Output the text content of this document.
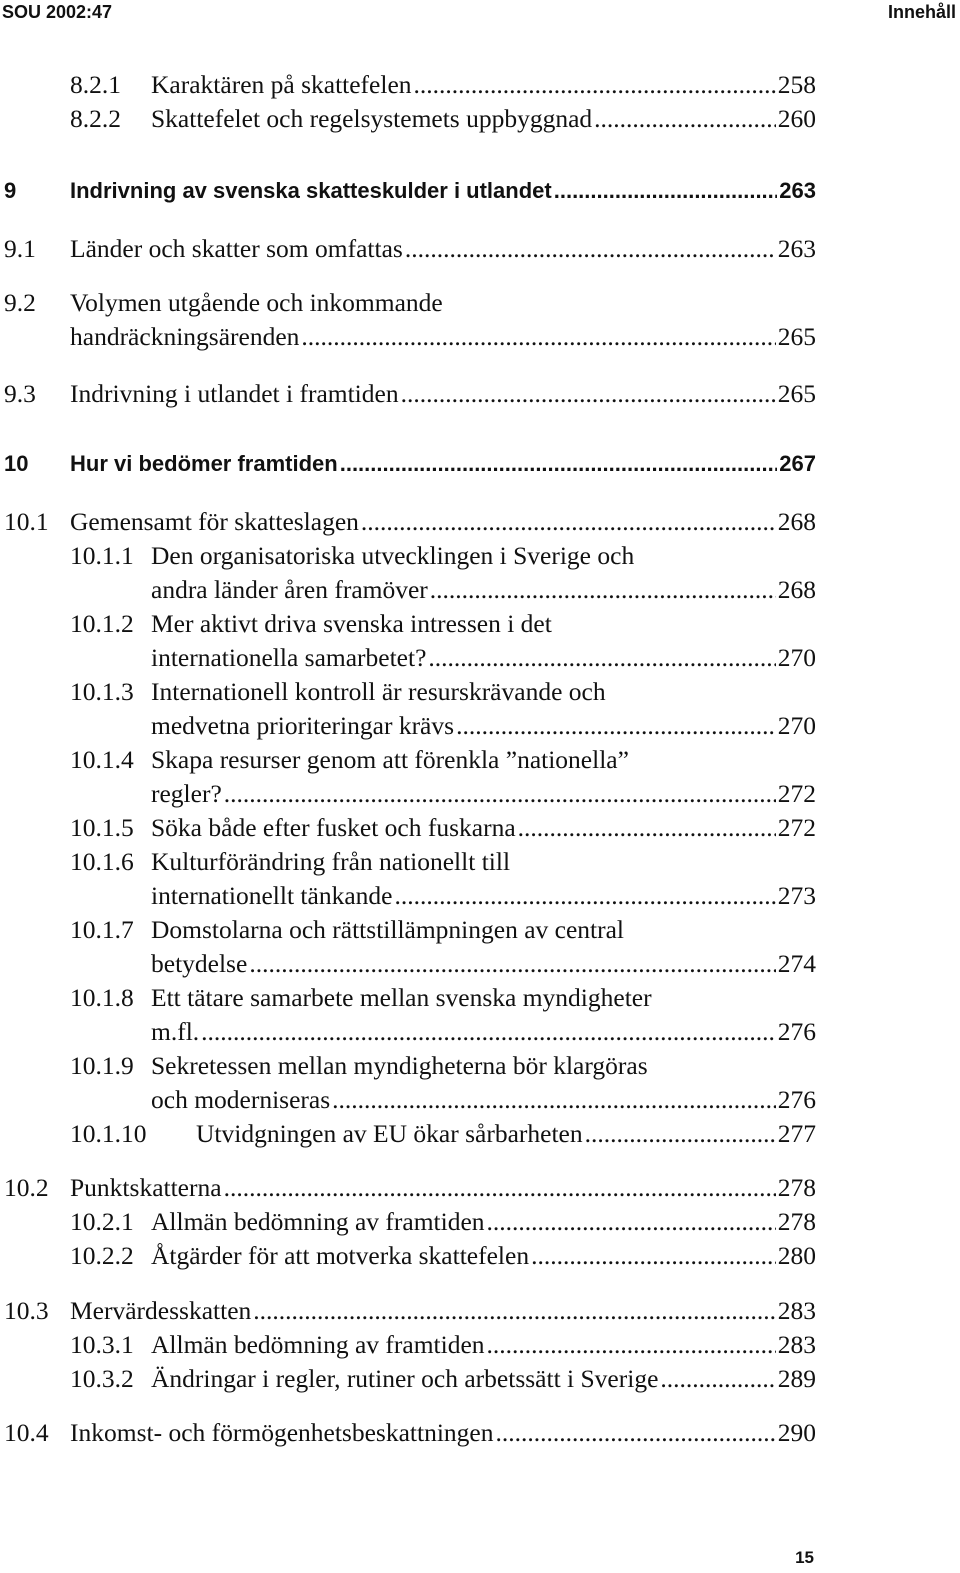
SOU 2002:47	Innehåll
8.2.1 Karaktären på skattefelen .....	258
8.2.2 Skattefelet och regelsystemets uppbyggnad .....	260
9 Indrivning av svenska skatteskulder i utlandet .....	263
9.1 Länder och skatter som omfattas .....	263
9.2 Volymen utgående och inkommande
handräckningsärenden .....	265
9.3 Indrivning i utlandet i framtiden .....	265
10 Hur vi bedömer framtiden .....	267
10.1 Gemensamt för skatteslagen .....	268
10.1.1 Den organisatoriska utvecklingen i Sverige och
andra länder åren framöver .....	268
10.1.2 Mer aktivt driva svenska intressen i det
internationella samarbetet? .....	270
10.1.3 Internationell kontroll är resurskrävande och
medvetna prioriteringar krävs .....	270
10.1.4 Skapa resurser genom att förenkla ”nationella”
regler? .....	272
10.1.5 Söka både efter fusket och fuskarna .....	272
10.1.6 Kulturförändring från nationellt till
internationellt tänkande .....	273
10.1.7 Domstolarna och rättstillämpningen av central
betydelse .....	274
10.1.8 Ett tätare samarbete mellan svenska myndigheter
m.fl. .....	276
10.1.9 Sekretessen mellan myndigheterna bör klargöras
och moderniseras .....	276
10.1.10 Utvidgningen av EU ökar sårbarheten .....	277
10.2 Punktskatterna .....	278
10.2.1 Allmän bedömning av framtiden .....	278
10.2.2 Åtgärder för att motverka skattefelen .....	280
10.3 Mervärdesskatten .....	283
10.3.1 Allmän bedömning av framtiden .....	283
10.3.2 Ändringar i regler, rutiner och arbetssätt i Sverige .....	289
10.4 Inkomst- och förmögenhetsbeskattningen .....	290
15
